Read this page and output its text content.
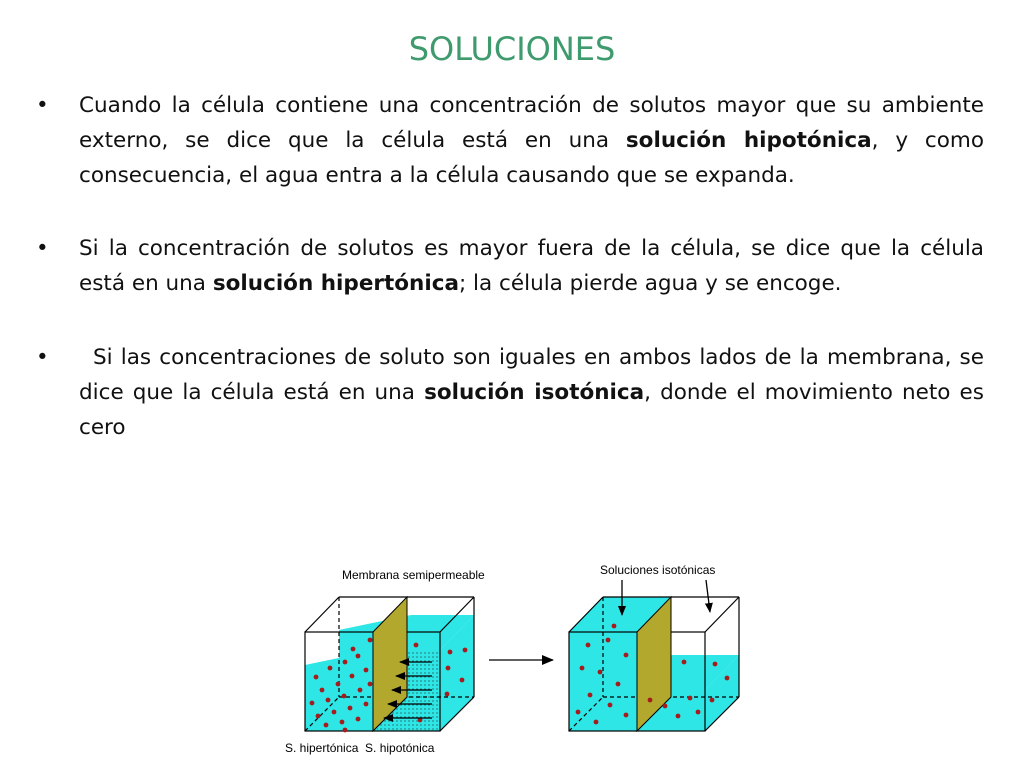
SOLUCIONES
• Cuando la célula contiene una concentración de solutos mayor que su ambiente externo, se dice que la célula está en una solución hipotónica, y como consecuencia, el agua entra a la célula causando que se expanda.
• Si la concentración de solutos es mayor fuera de la célula, se dice que la célula está en una solución hipertónica; la célula pierde agua y se encoge.
• Si las concentraciones de soluto son iguales en ambos lados de la membrana, se dice que la célula está en una solución isotónica, donde el movimiento neto es cero
Membrana semipermeable	Soluciones isotónicas
S. hipertónica  S. hipotónica
